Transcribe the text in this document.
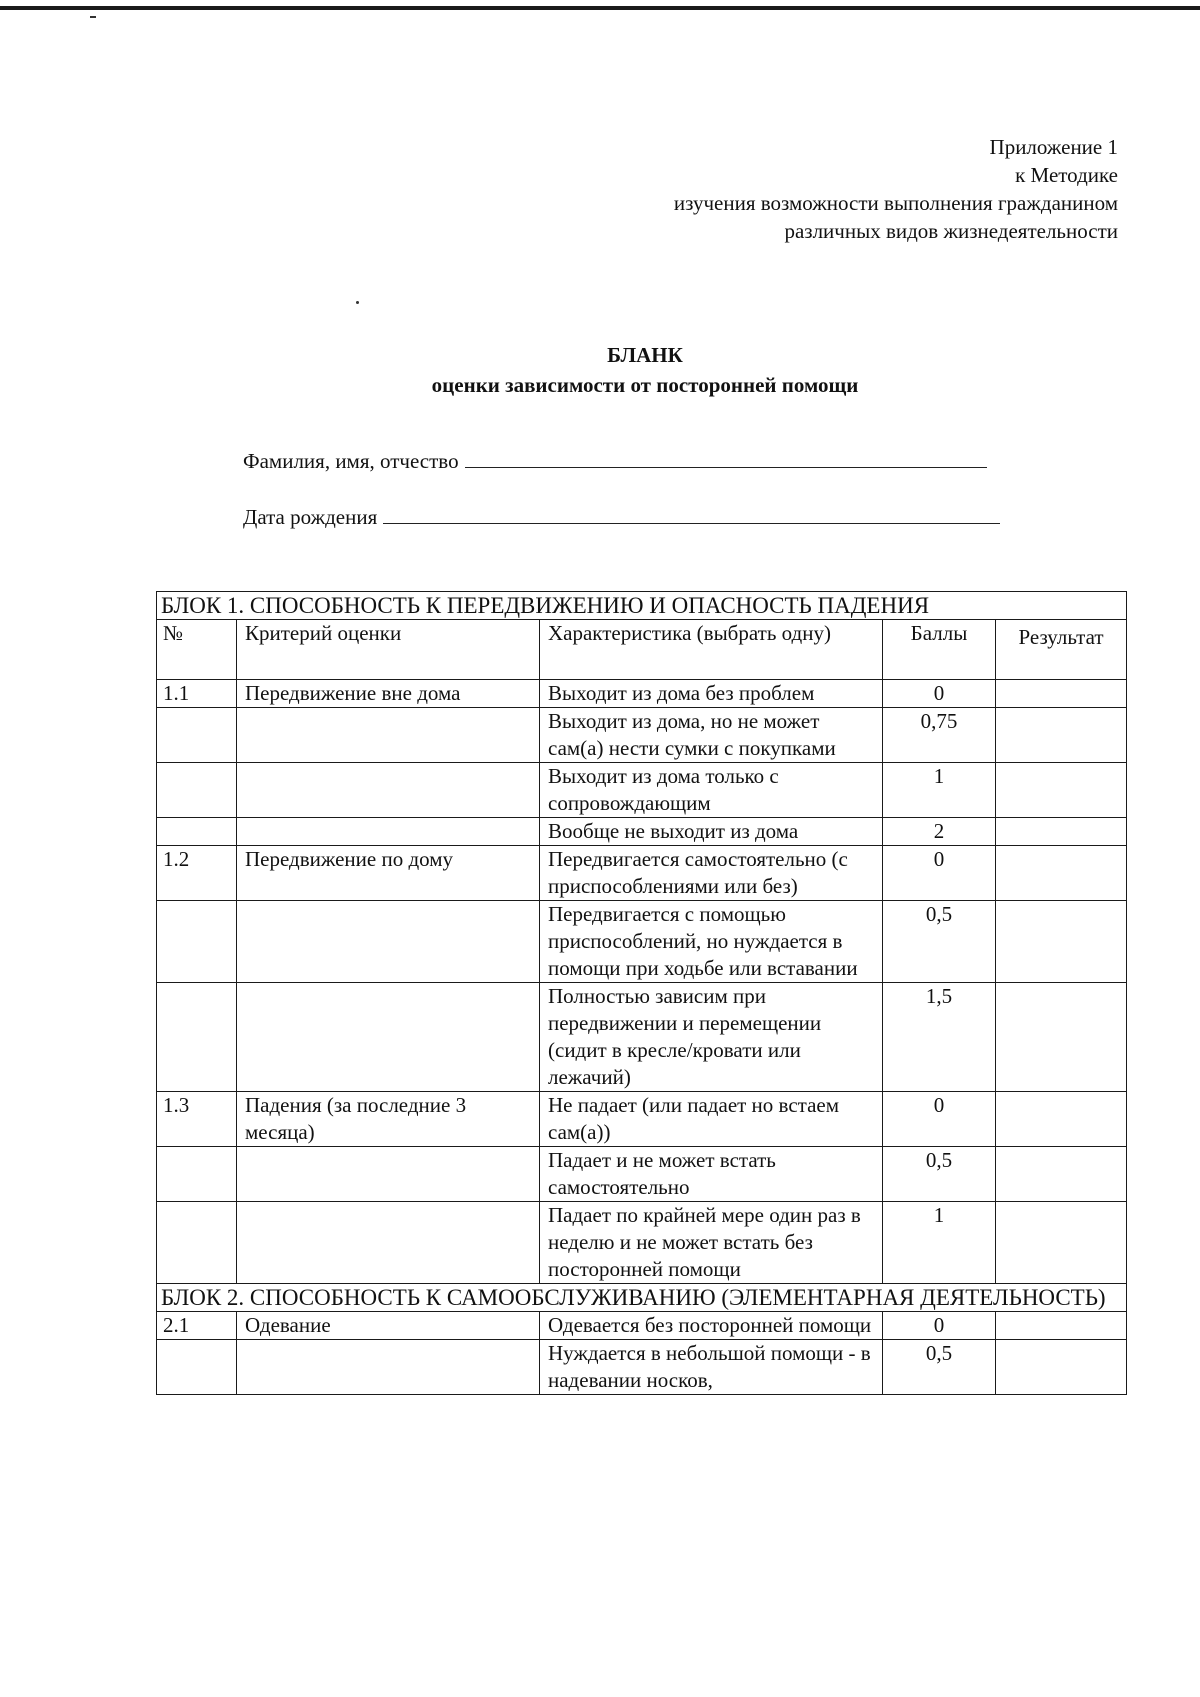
Приложение 1
к Методике
изучения возможности выполнения гражданином
различных видов жизнедеятельности
БЛАНК
оценки зависимости от посторонней помощи
Фамилия, имя, отчество
Дата рождения
БЛОК 1. СПОСОБНОСТЬ К ПЕРЕДВИЖЕНИЮ И ОПАСНОСТЬ ПАДЕНИЯ				
№	Критерий оценки	Характеристика (выбрать одну)	Баллы	Результат
1.1	Передвижение вне дома	Выходит из дома без проблем	0	
		Выходит из дома, но не может сам(а) нести сумки с покупками	0,75	
		Выходит из дома только с сопровождающим	1	
		Вообще не выходит из дома	2	
1.2	Передвижение по дому	Передвигается самостоятельно (с приспособлениями или без)	0	
		Передвигается с помощью приспособлений, но нуждается в помощи при ходьбе или вставании	0,5	
		Полностью зависим при передвижении и перемещении (сидит в кресле/кровати или лежачий)	1,5	
1.3	Падения (за последние 3 месяца)	Не падает (или падает но встаем сам(а))	0	
		Падает и не может встать самостоятельно	0,5	
		Падает по крайней мере один раз в неделю и не может встать без посторонней помощи	1	
БЛОК 2. СПОСОБНОСТЬ К САМООБСЛУЖИВАНИЮ (ЭЛЕМЕНТАРНАЯ ДЕЯТЕЛЬНОСТЬ)				
2.1	Одевание	Одевается без посторонней помощи	0	
		Нуждается в небольшой помощи - в надевании носков,	0,5	
